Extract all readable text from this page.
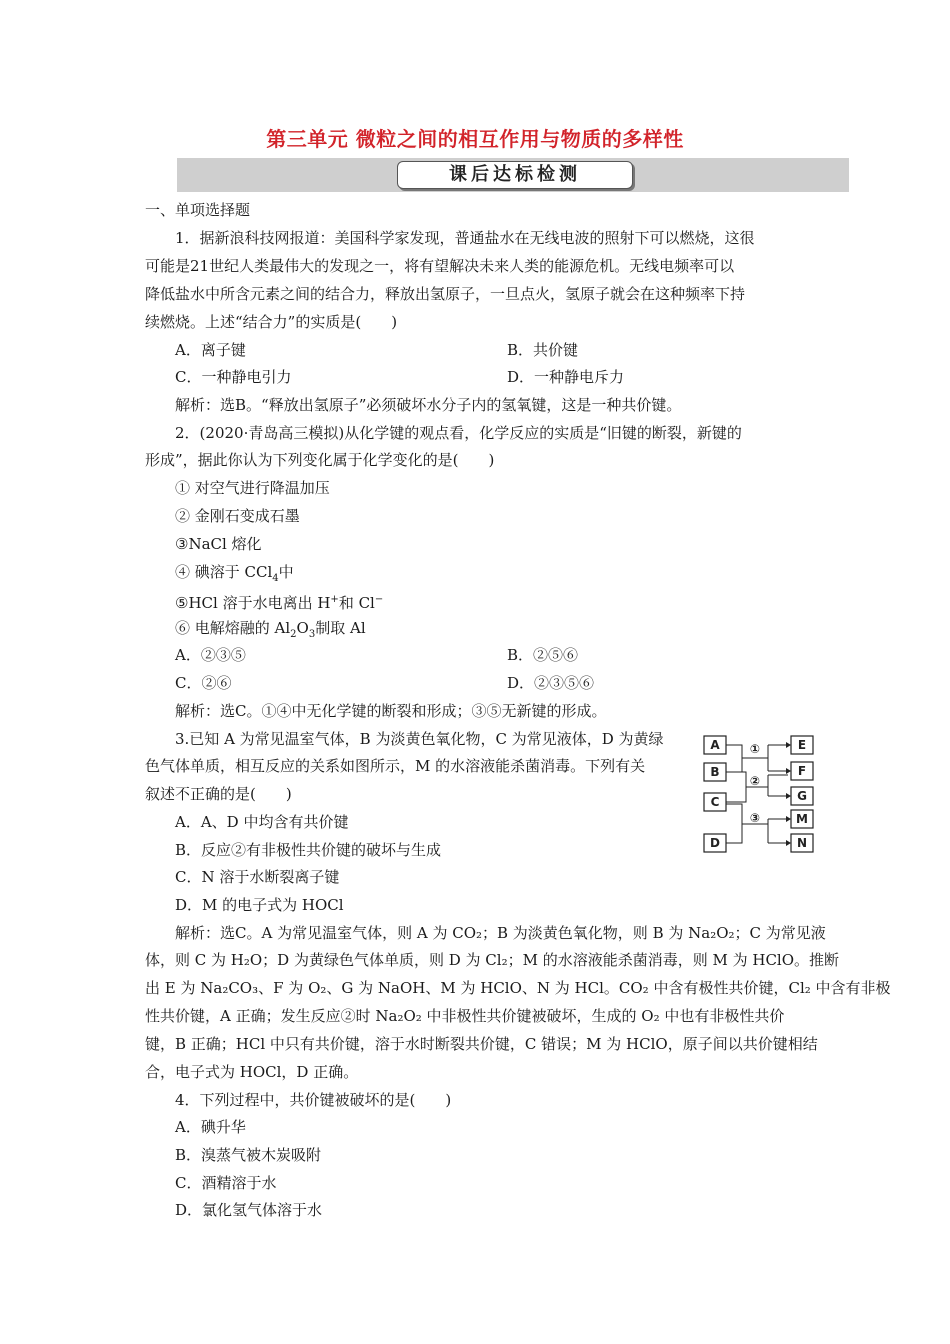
第三单元 微粒之间的相互作用与物质的多样性
课后达标检测
一、单项选择题
1．据新浪科技网报道：美国科学家发现，普通盐水在无线电波的照射下可以燃烧，这很
可能是21世纪人类最伟大的发现之一，将有望解决未来人类的能源危机。无线电频率可以
降低盐水中所含元素之间的结合力，释放出氢原子，一旦点火，氢原子就会在这种频率下持
续燃烧。上述“结合力”的实质是(　　)
A．离子键	B．共价键
C．一种静电引力	D．一种静电斥力
解析：选B。“释放出氢原子”必须破坏水分子内的氢氧键，这是一种共价键。
2．(2020·青岛高三模拟)从化学键的观点看，化学反应的实质是“旧键的断裂，新键的
形成”，据此你认为下列变化属于化学变化的是(　　)
① 对空气进行降温加压
② 金刚石变成石墨
③NaCl 熔化
④ 碘溶于 CCl$_4$中
⑤HCl 溶于水电离出 H+和 Cl−
⑥ 电解熔融的 $Al_2O_3$制取 Al
A．②③⑤	B．②⑤⑥
C．②⑥	D．②③⑤⑥
解析：选C。①④中无化学键的断裂和形成；③⑤无新键的形成。
3.已知 A 为常见温室气体，B 为淡黄色氧化物，C 为常见液体，D 为黄绿
色气体单质，相互反应的关系如图所示，M 的水溶液能杀菌消毒。下列有关
叙述不正确的是(　　)
A．A、D 中均含有共价键
B．反应②有非极性共价键的破坏与生成
C．N 溶于水断裂离子键
D．M 的电子式为 HOCl
解析：选C。A 为常见温室气体，则 A 为 CO₂；B 为淡黄色氧化物，则 B 为 Na₂O₂；C 为常见液
体，则 C 为 H₂O；D 为黄绿色气体单质，则 D 为 Cl₂；M 的水溶液能杀菌消毒，则 M 为 HClO。推断
出 E 为 Na₂CO₃、F 为 O₂、G 为 NaOH、M 为 HClO、N 为 HCl。CO₂ 中含有极性共价键，Cl₂ 中含有非极
性共价键，A 正确；发生反应②时 Na₂O₂ 中非极性共价键被破坏，生成的 O₂ 中也有非极性共价
键，B 正确；HCl 中只有共价键，溶于水时断裂共价键，C 错误；M 为 HClO，原子间以共价键相结
合，电子式为 HOCl，D 正确。
4．下列过程中，共价键被破坏的是(　　)
A．碘升华
B．溴蒸气被木炭吸附
C．酒精溶于水
D．氯化氢气体溶于水
A
B
C
D
E
F
G
M
N
①
②
③
